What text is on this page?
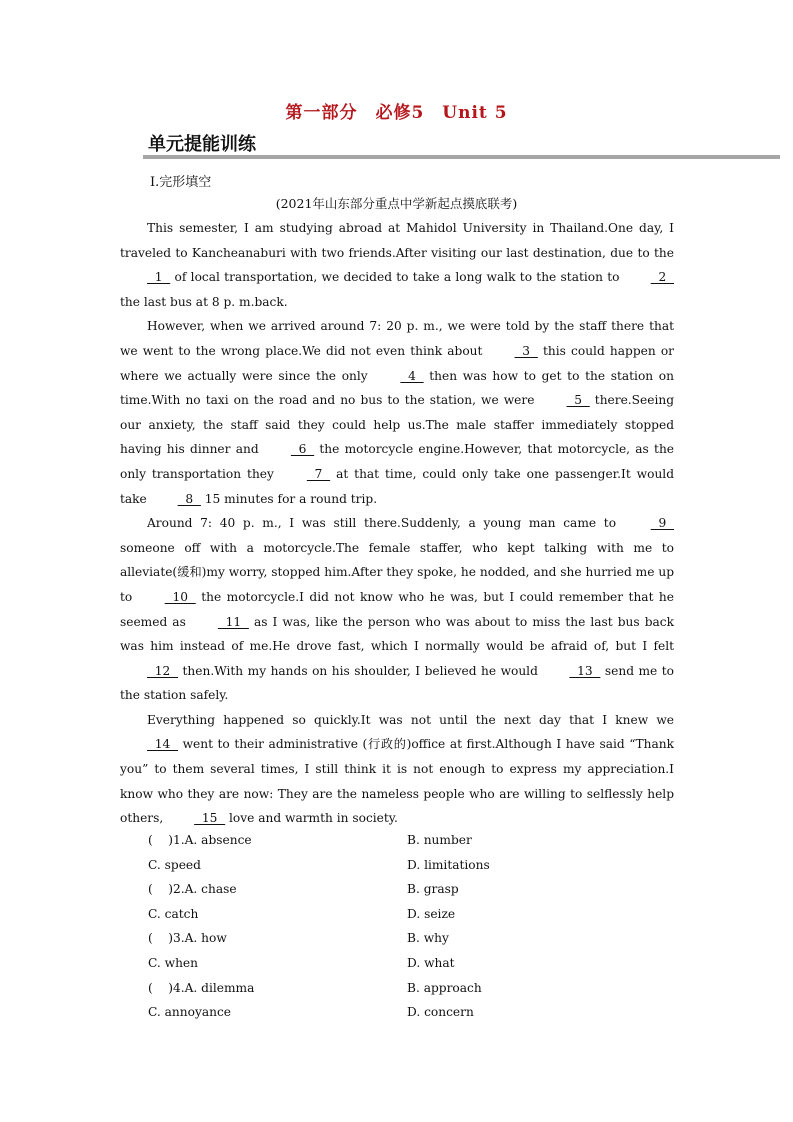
第一部分　必修5　Unit 5
单元提能训练
Ⅰ.完形填空
(2021年山东部分重点中学新起点摸底联考)

This semester, I am studying abroad at Mahidol University in Thailand.One day, I traveled to Kancheanaburi with two friends.After visiting our last destination, due to the   1   of local transportation, we decided to take a long walk to the station to   2   the last bus at 8 p. m.back.

However, when we arrived around 7: 20 p. m., we were told by the staff there that we went to the wrong place.We did not even think about   3   this could happen or where we actually were since the only   4   then was how to get to the station on time.With no taxi on the road and no bus to the station, we were   5   there.Seeing our anxiety, the staff said they could help us.The male staffer immediately stopped having his dinner and   6   the motorcycle engine.However, that motorcycle, as the only transportation they   7   at that time, could only take one passenger.It would take   8   15 minutes for a round trip.

Around 7: 40 p. m., I was still there.Suddenly, a young man came to   9   someone off with a motorcycle.The female staffer, who kept talking with me to alleviate(缓和)my worry, stopped him.After they spoke, he nodded, and she hurried me up to   10   the motorcycle.I did not know who he was, but I could remember that he seemed as   11   as I was, like the person who was about to miss the last bus back was him instead of me.He drove fast, which I normally would be afraid of, but I felt   12   then.With my hands on his shoulder, I believed he would   13   send me to the station safely.

Everything happened so quickly.It was not until the next day that I knew we   14   went to their administrative (行政的)office at first.Although I have said “Thank you” to them several times, I still think it is not enough to express my appreciation.I know who they are now: They are the nameless people who are willing to selflessly help others,   15   love and warmth in society.

(    )1.A. absence	B. number
C. speed	D. limitations
(    )2.A. chase	B. grasp
C. catch	D. seize
(    )3.A. how	B. why
C. when	D. what
(    )4.A. dilemma	B. approach
C. annoyance	D. concern
